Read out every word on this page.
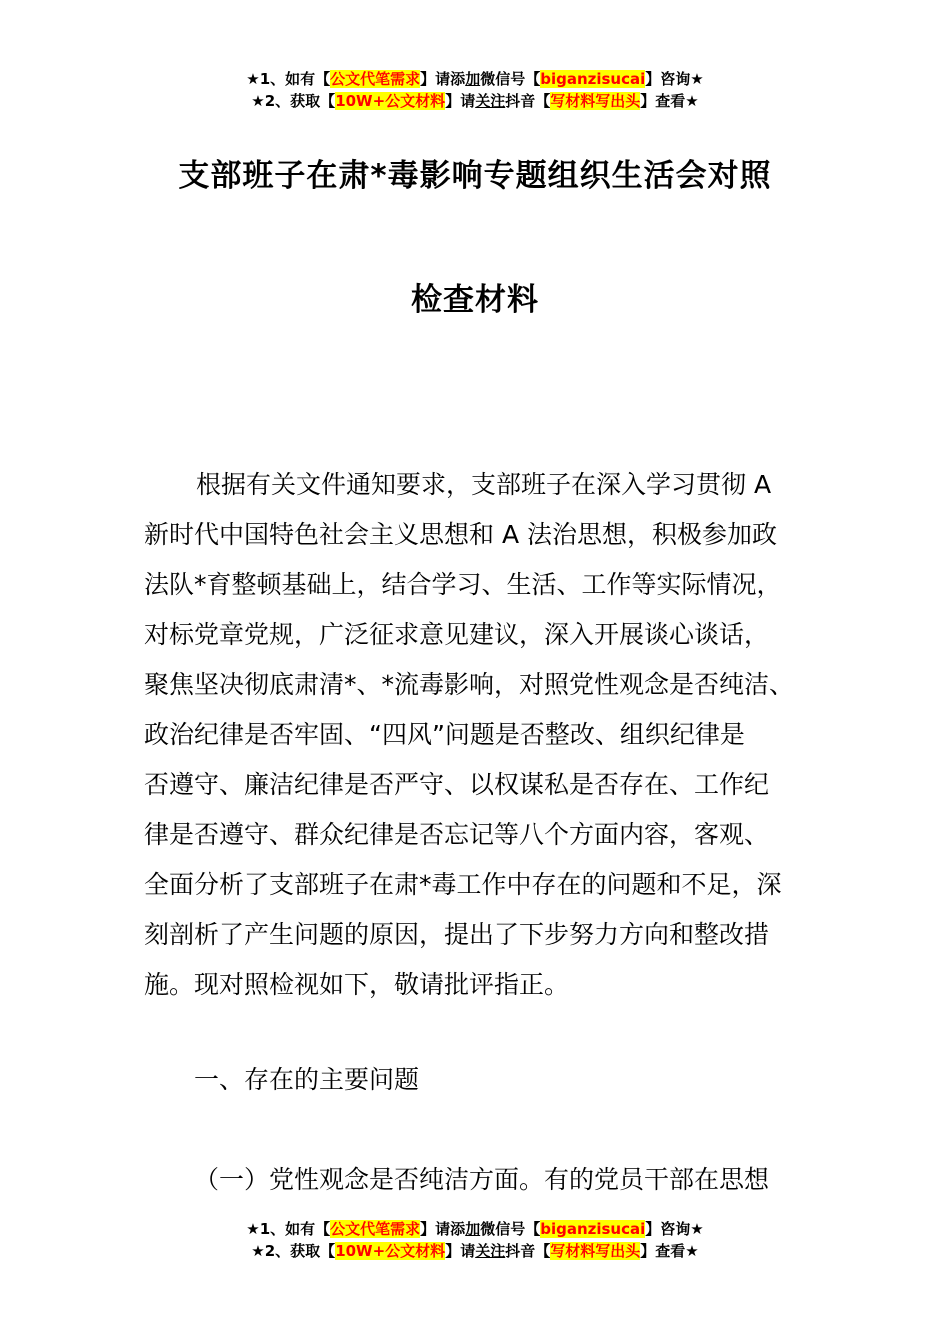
★1、如有【公文代笔需求】请添加微信号【biganzisucai】咨询★
★2、获取【10W+公文材料】请关注抖音【写材料写出头】查看★
支部班子在肃*毒影响专题组织生活会对照
检查材料
根据有关文件通知要求，支部班子在深入学习贯彻 A
新时代中国特色社会主义思想和 A 法治思想，积极参加政
法队*育整顿基础上，结合学习、生活、工作等实际情况，
对标党章党规，广泛征求意见建议，深入开展谈心谈话，
聚焦坚决彻底肃清*、*流毒影响，对照党性观念是否纯洁、
政治纪律是否牢固、“四风”问题是否整改、组织纪律是
否遵守、廉洁纪律是否严守、以权谋私是否存在、工作纪
律是否遵守、群众纪律是否忘记等八个方面内容，客观、
全面分析了支部班子在肃*毒工作中存在的问题和不足，深
刻剖析了产生问题的原因，提出了下步努力方向和整改措
施。现对照检视如下，敬请批评指正。
一、存在的主要问题
（一）党性观念是否纯洁方面。有的党员干部在思想
★1、如有【公文代笔需求】请添加微信号【biganzisucai】咨询★
★2、获取【10W+公文材料】请关注抖音【写材料写出头】查看★
